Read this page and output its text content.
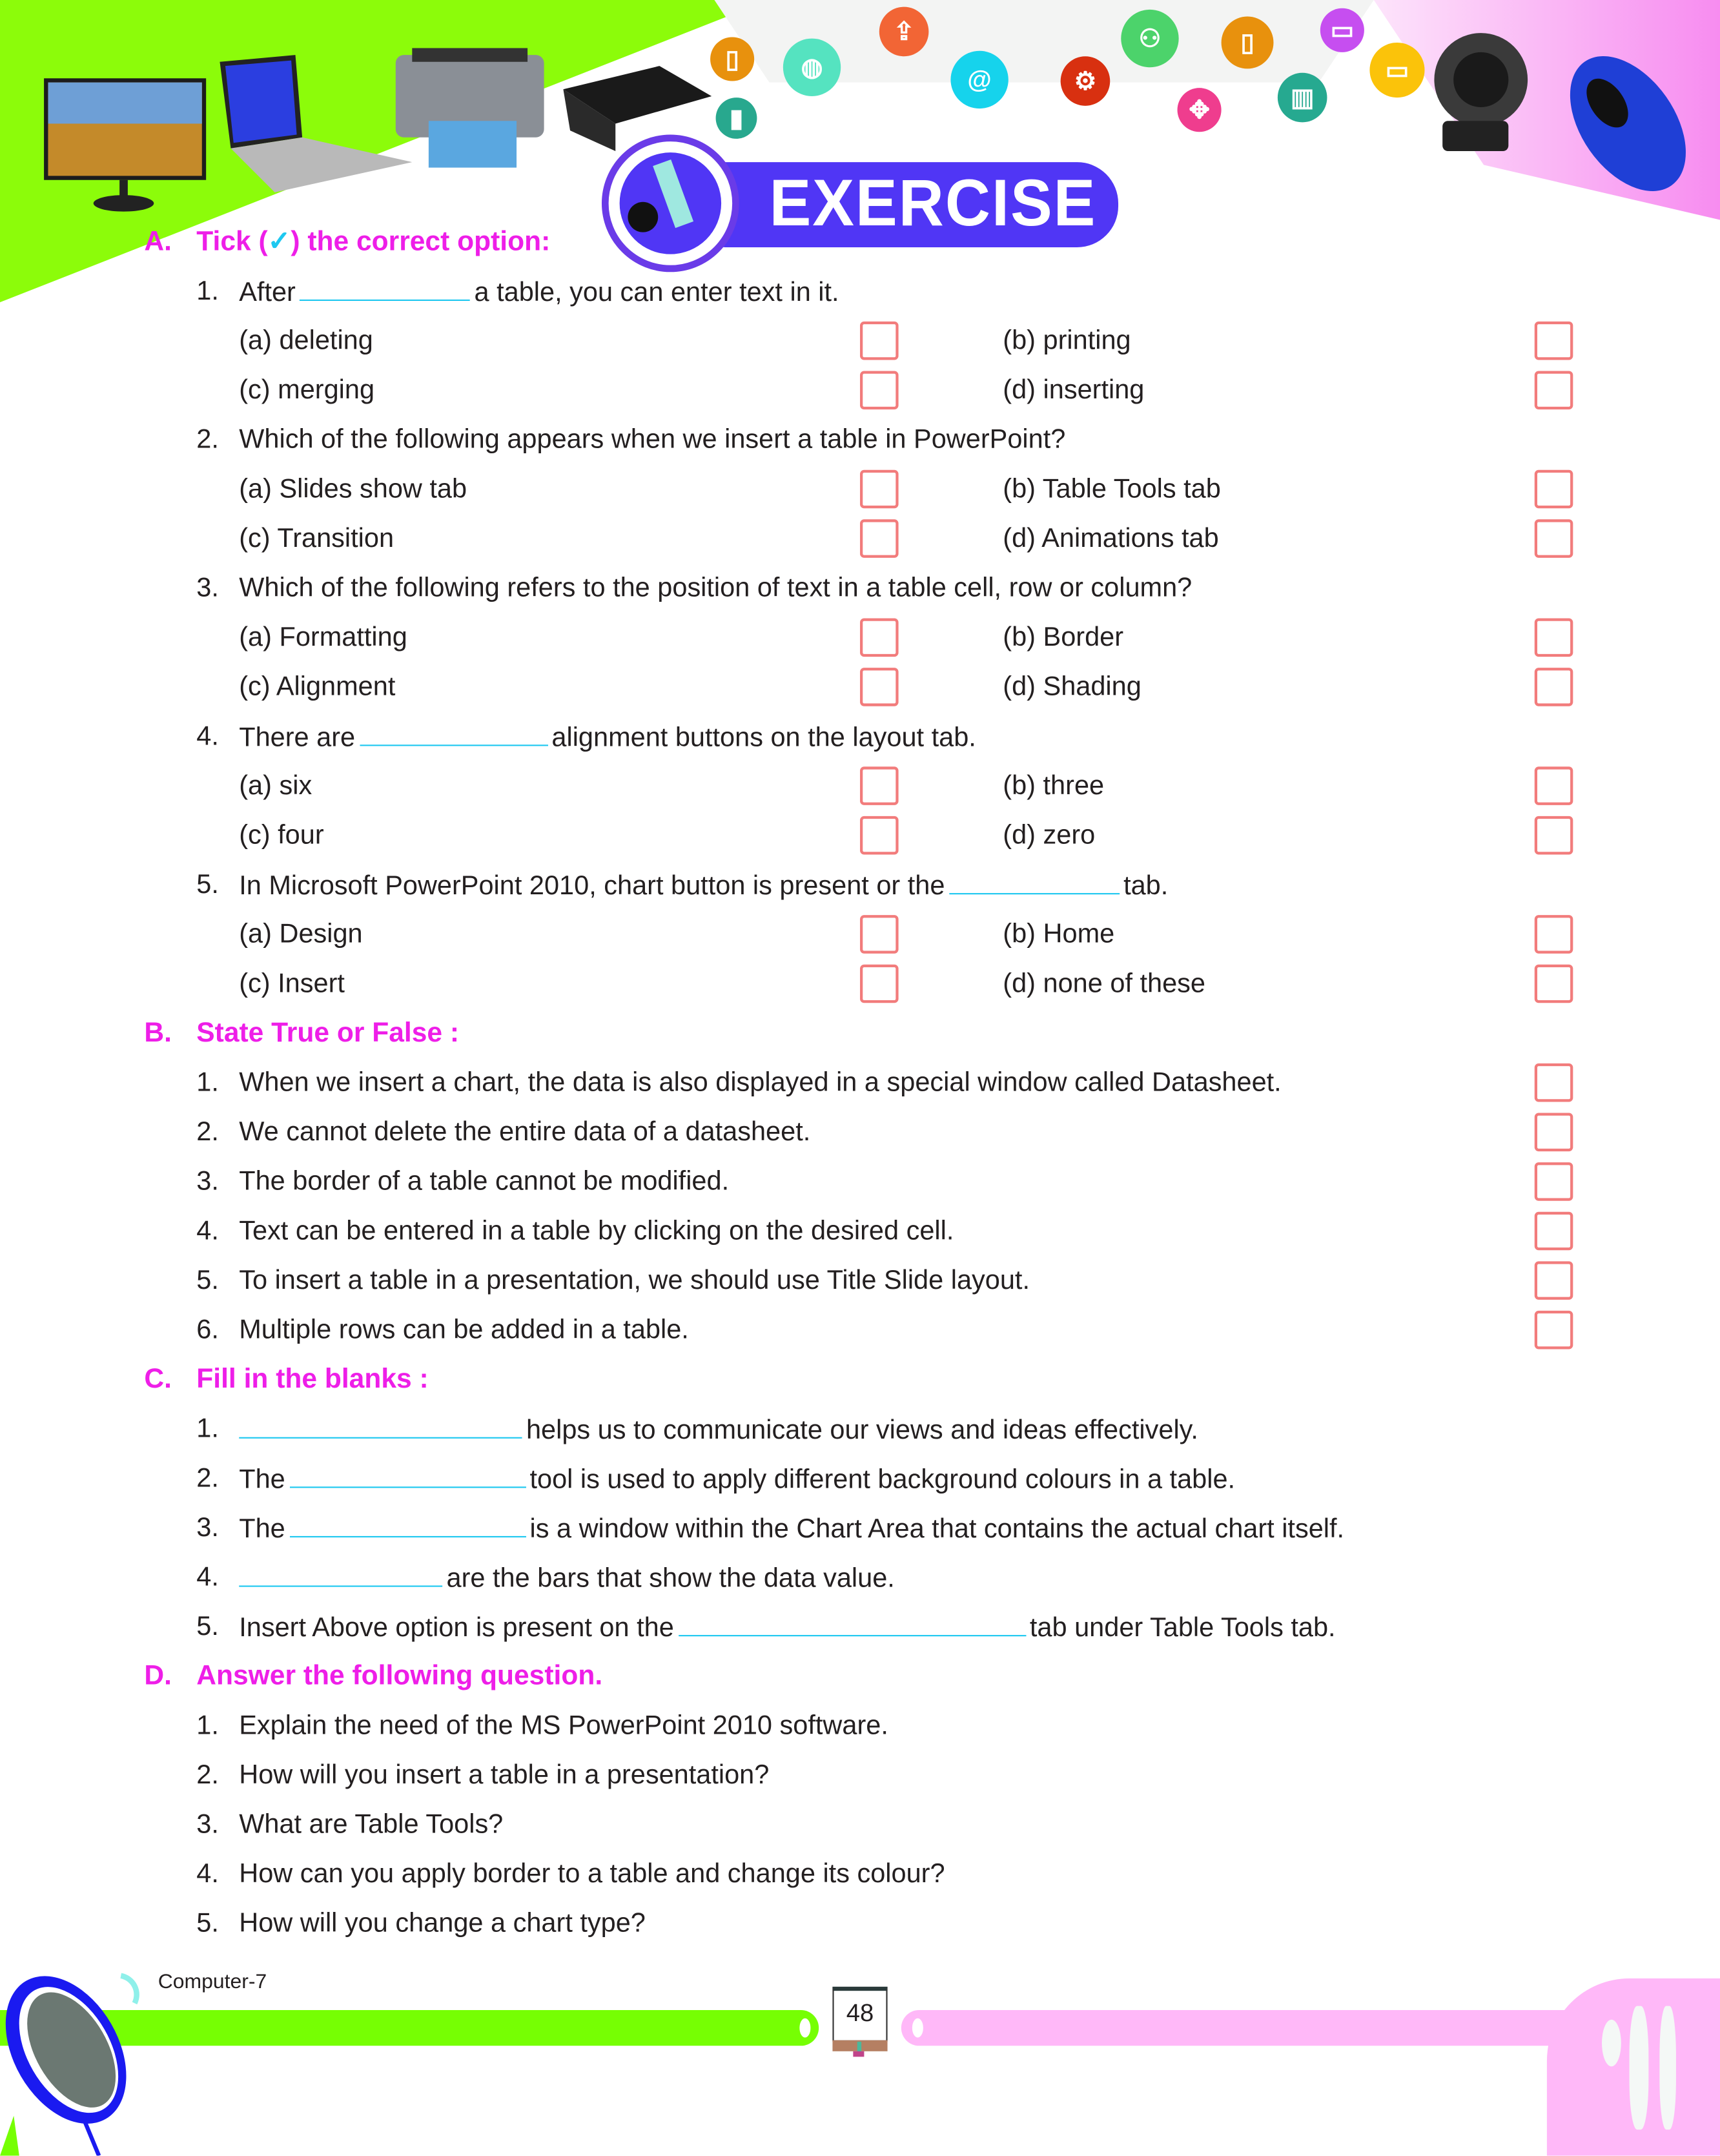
▯	◍
⇪
▮
@	⚙
⚇	▯
✥	▥
▭
▭
EXERCISE
A. Tick (✓) the correct option:
1. After	a table, you can enter text in it.
(a) deleting	(b) printing
(c) merging	(d) inserting
2. Which of the following appears when we insert a table in PowerPoint?
(a) Slides show tab	(b) Table Tools tab
(c) Transition	(d) Animations tab
3. Which of the following refers to the position of text in a table cell, row or column?
(a) Formatting	(b) Border
(c) Alignment	(d) Shading
4. There are	alignment buttons on the layout tab.
(a) six	(b) three
(c) four	(d) zero
5. In Microsoft PowerPoint 2010, chart button is present or the	tab.
(a) Design	(b) Home
(c) Insert	(d) none of these
B. State True or False :
1. When we insert a chart, the data is also displayed in a special window called Datasheet.
2. We cannot delete the entire data of a datasheet.
3. The border of a table cannot be modified.
4. Text can be entered in a table by clicking on the desired cell.
5. To insert a table in a presentation, we should use Title Slide layout.
6. Multiple rows can be added in a table.
C. Fill in the blanks :
1.	helps us to communicate our views and ideas effectively.
2. The	tool is used to apply different background colours in a table.
3. The	is a window within the Chart Area that contains the actual chart itself.
4.	are the bars that show the data value.
5. Insert Above option is present on the	tab under Table Tools tab.
D. Answer the following question.
1. Explain the need of the MS PowerPoint 2010 software.
2. How will you insert a table in a presentation?
3. What are Table Tools?
4. How can you apply border to a table and change its colour?
5. How will you change a chart type?
Computer-7
48
